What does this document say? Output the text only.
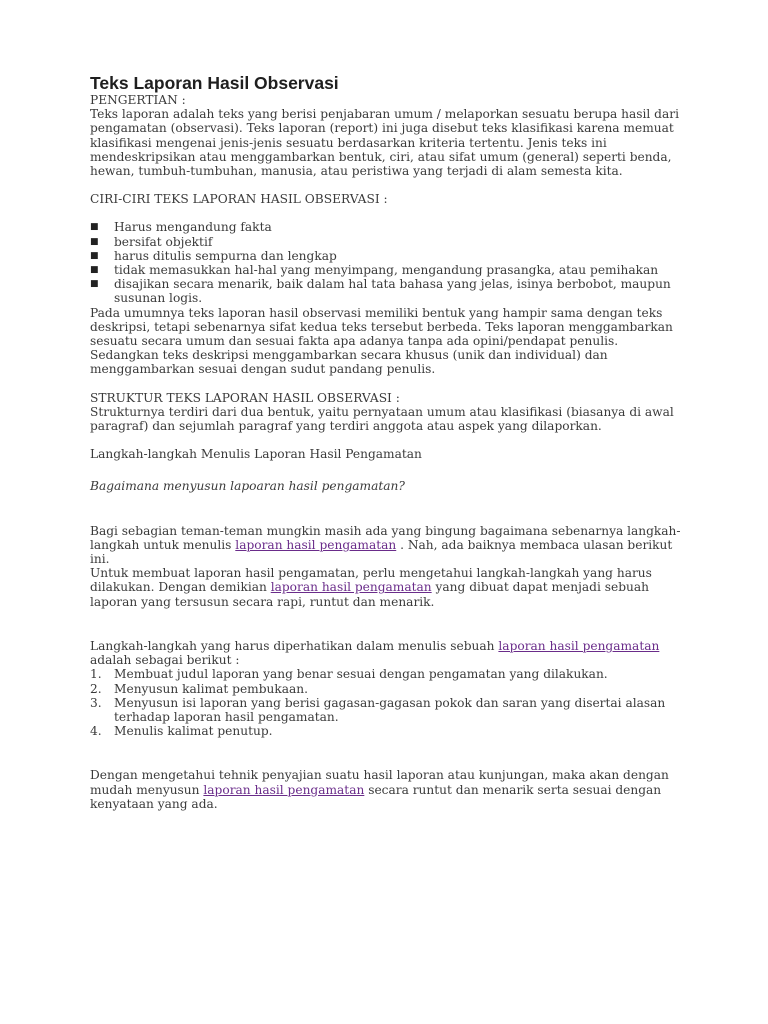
Teks Laporan Hasil Observasi

PENGERTIAN :

Teks laporan adalah teks yang berisi penjabaran umum / melaporkan sesuatu berupa hasil dari pengamatan (observasi). Teks laporan (report) ini juga disebut teks klasifikasi karena memuat klasifikasi mengenai jenis-jenis sesuatu berdasarkan kriteria tertentu. Jenis teks ini mendeskripsikan atau menggambarkan bentuk, ciri, atau sifat umum (general) seperti benda, hewan, tumbuh-tumbuhan, manusia, atau peristiwa yang terjadi di alam semesta kita.

CIRI-CIRI TEKS LAPORAN HASIL OBSERVASI :

■ Harus mengandung fakta
■ bersifat objektif
■ harus ditulis sempurna dan lengkap
■ tidak memasukkan hal-hal yang menyimpang, mengandung prasangka, atau pemihakan
■ disajikan secara menarik, baik dalam hal tata bahasa yang jelas, isinya berbobot, maupun susunan logis.

Pada umumnya teks laporan hasil observasi memiliki bentuk yang hampir sama dengan teks deskripsi, tetapi sebenarnya sifat kedua teks tersebut berbeda. Teks laporan menggambarkan sesuatu secara umum dan sesuai fakta apa adanya tanpa ada opini/pendapat penulis. Sedangkan teks deskripsi menggambarkan secara khusus (unik dan individual) dan menggambarkan sesuai dengan sudut pandang penulis.

STRUKTUR TEKS LAPORAN HASIL OBSERVASI :

Strukturnya terdiri dari dua bentuk, yaitu pernyataan umum atau klasifikasi (biasanya di awal paragraf) dan sejumlah paragraf yang terdiri anggota atau aspek yang dilaporkan.

Langkah-langkah Menulis Laporan Hasil Pengamatan

Bagaimana menyusun lapoaran hasil pengamatan?

Bagi sebagian teman-teman mungkin masih ada yang bingung bagaimana sebenarnya langkah-langkah untuk menulis laporan hasil pengamatan . Nah, ada baiknya membaca ulasan berikut ini.

Untuk membuat laporan hasil pengamatan, perlu mengetahui langkah-langkah yang harus dilakukan. Dengan demikian laporan hasil pengamatan yang dibuat dapat menjadi sebuah laporan yang tersusun secara rapi, runtut dan menarik.

Langkah-langkah yang harus diperhatikan dalam menulis sebuah laporan hasil pengamatan adalah sebagai berikut :

1. Membuat judul laporan yang benar sesuai dengan pengamatan yang dilakukan.
2. Menyusun kalimat pembukaan.
3. Menyusun isi laporan yang berisi gagasan-gagasan pokok dan saran yang disertai alasan terhadap laporan hasil pengamatan.
4. Menulis kalimat penutup.

Dengan mengetahui tehnik penyajian suatu hasil laporan atau kunjungan, maka akan dengan mudah menyusun laporan hasil pengamatan secara runtut dan menarik serta sesuai dengan kenyataan yang ada.
